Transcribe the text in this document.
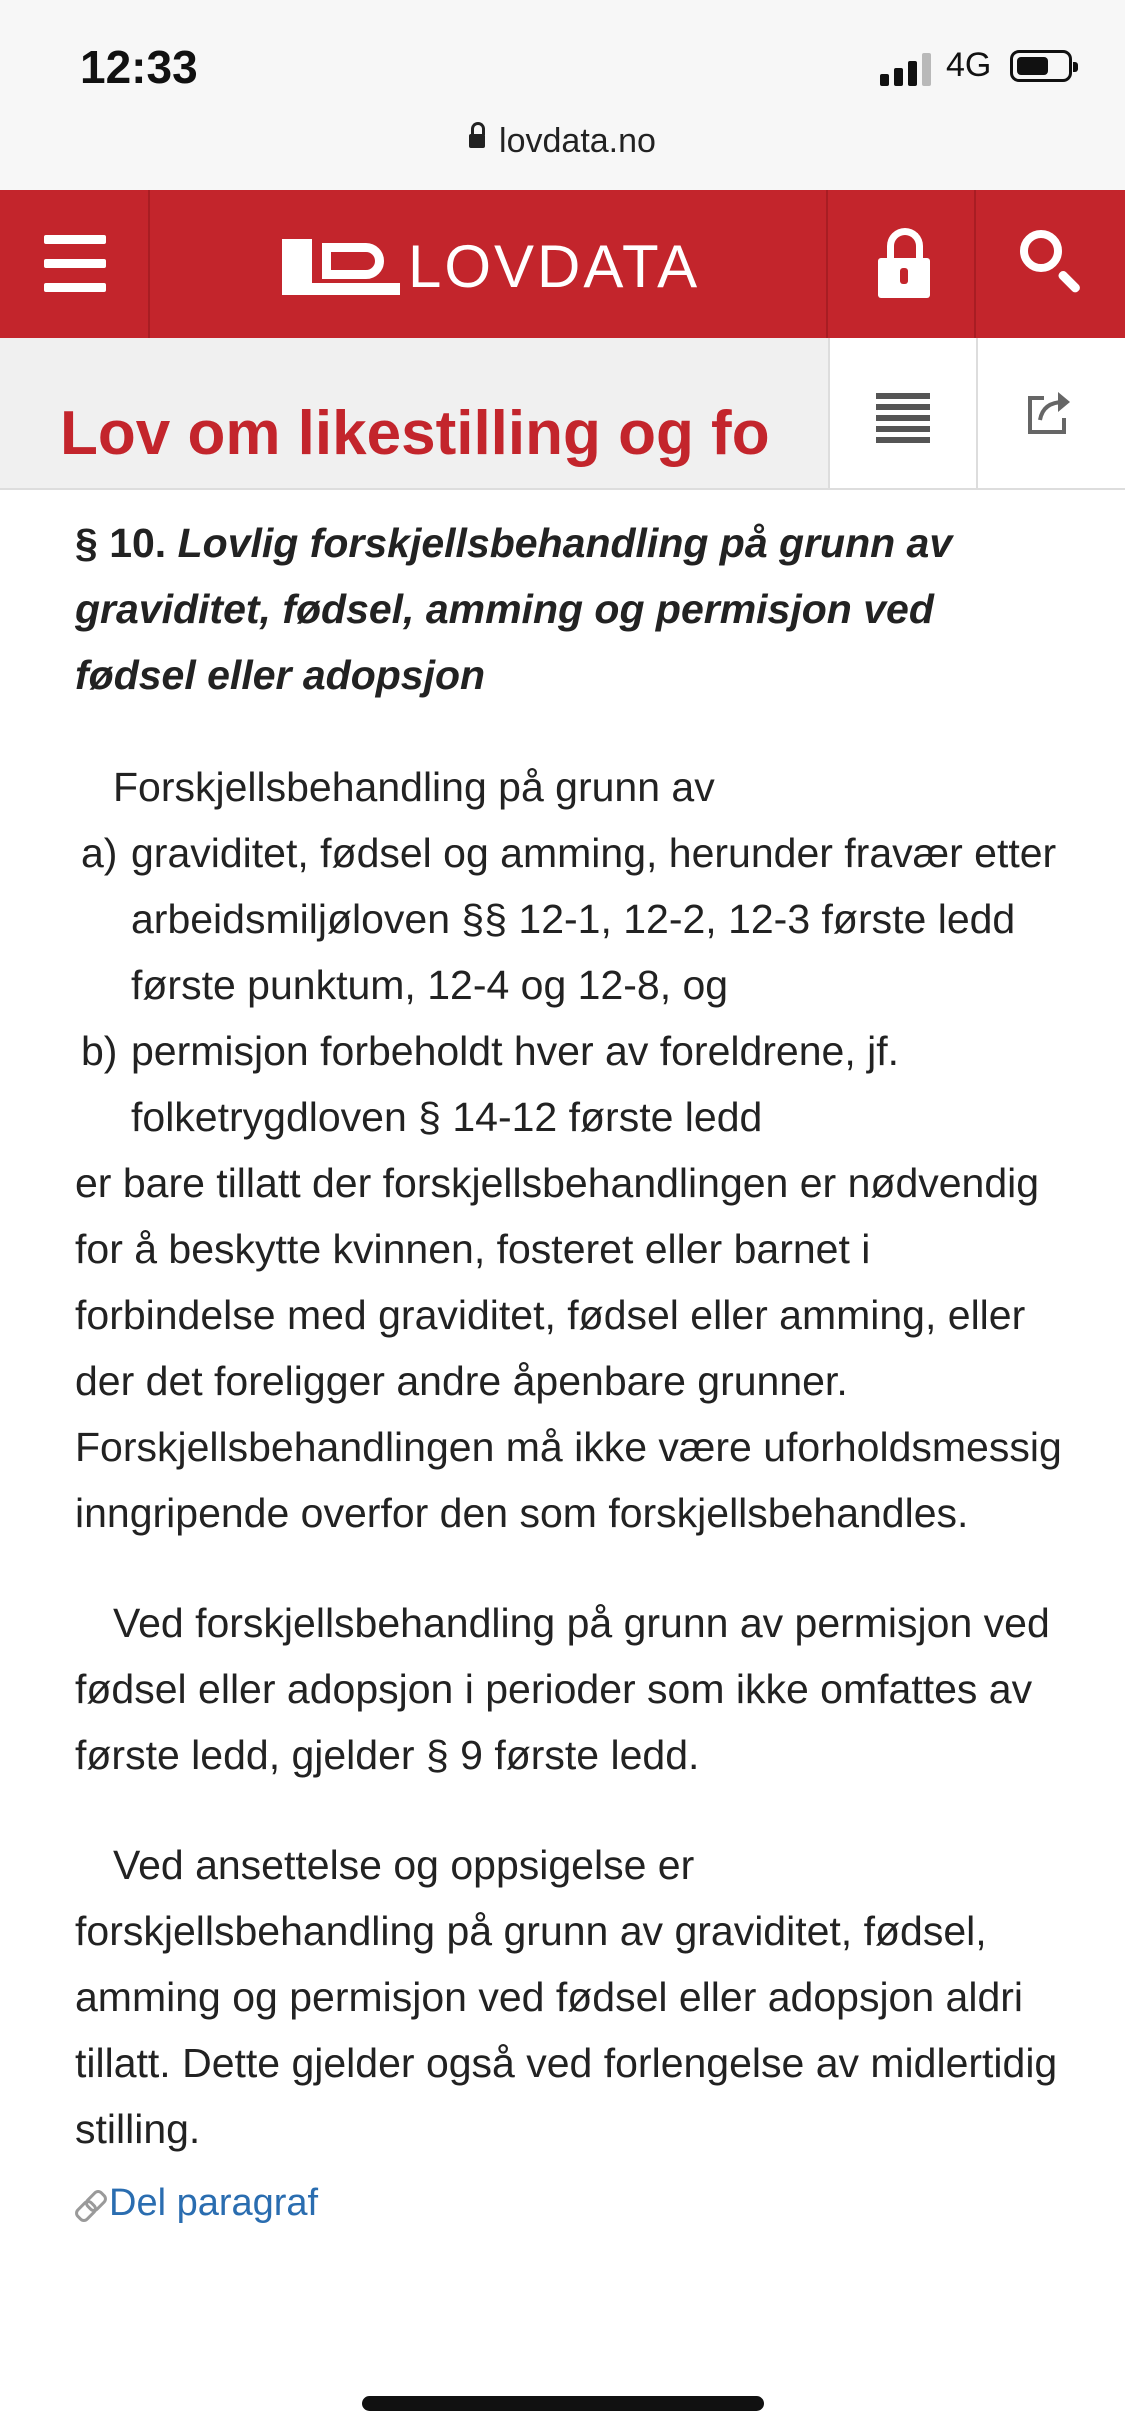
12:33	4G
lovdata.no
LOVDATA
Lov om likestilling og fo
§ 10. Lovlig forskjellsbehandling på grunn av graviditet, fødsel, amming og permisjon ved fødsel eller adopsjon

Forskjellsbehandling på grunn av

a) graviditet, fødsel og amming, herunder fravær etter arbeidsmiljøloven §§ 12-1, 12-2, 12-3 første ledd første punktum, 12-4 og 12-8, og
b) permisjon forbeholdt hver av foreldrene, jf. folketrygdloven § 14-12 første ledd

er bare tillatt der forskjellsbehandlingen er nødvendig for å beskytte kvinnen, fosteret eller barnet i forbindelse med graviditet, fødsel eller amming, eller der det foreligger andre åpenbare grunner. Forskjellsbehandlingen må ikke være uforholdsmessig inngripende overfor den som forskjellsbehandles.

Ved forskjellsbehandling på grunn av permisjon ved fødsel eller adopsjon i perioder som ikke omfattes av første ledd, gjelder § 9 første ledd.

Ved ansettelse og oppsigelse er forskjellsbehandling på grunn av graviditet, fødsel, amming og permisjon ved fødsel eller adopsjon aldri tillatt. Dette gjelder også ved forlengelse av midlertidig stilling.

Del paragraf
